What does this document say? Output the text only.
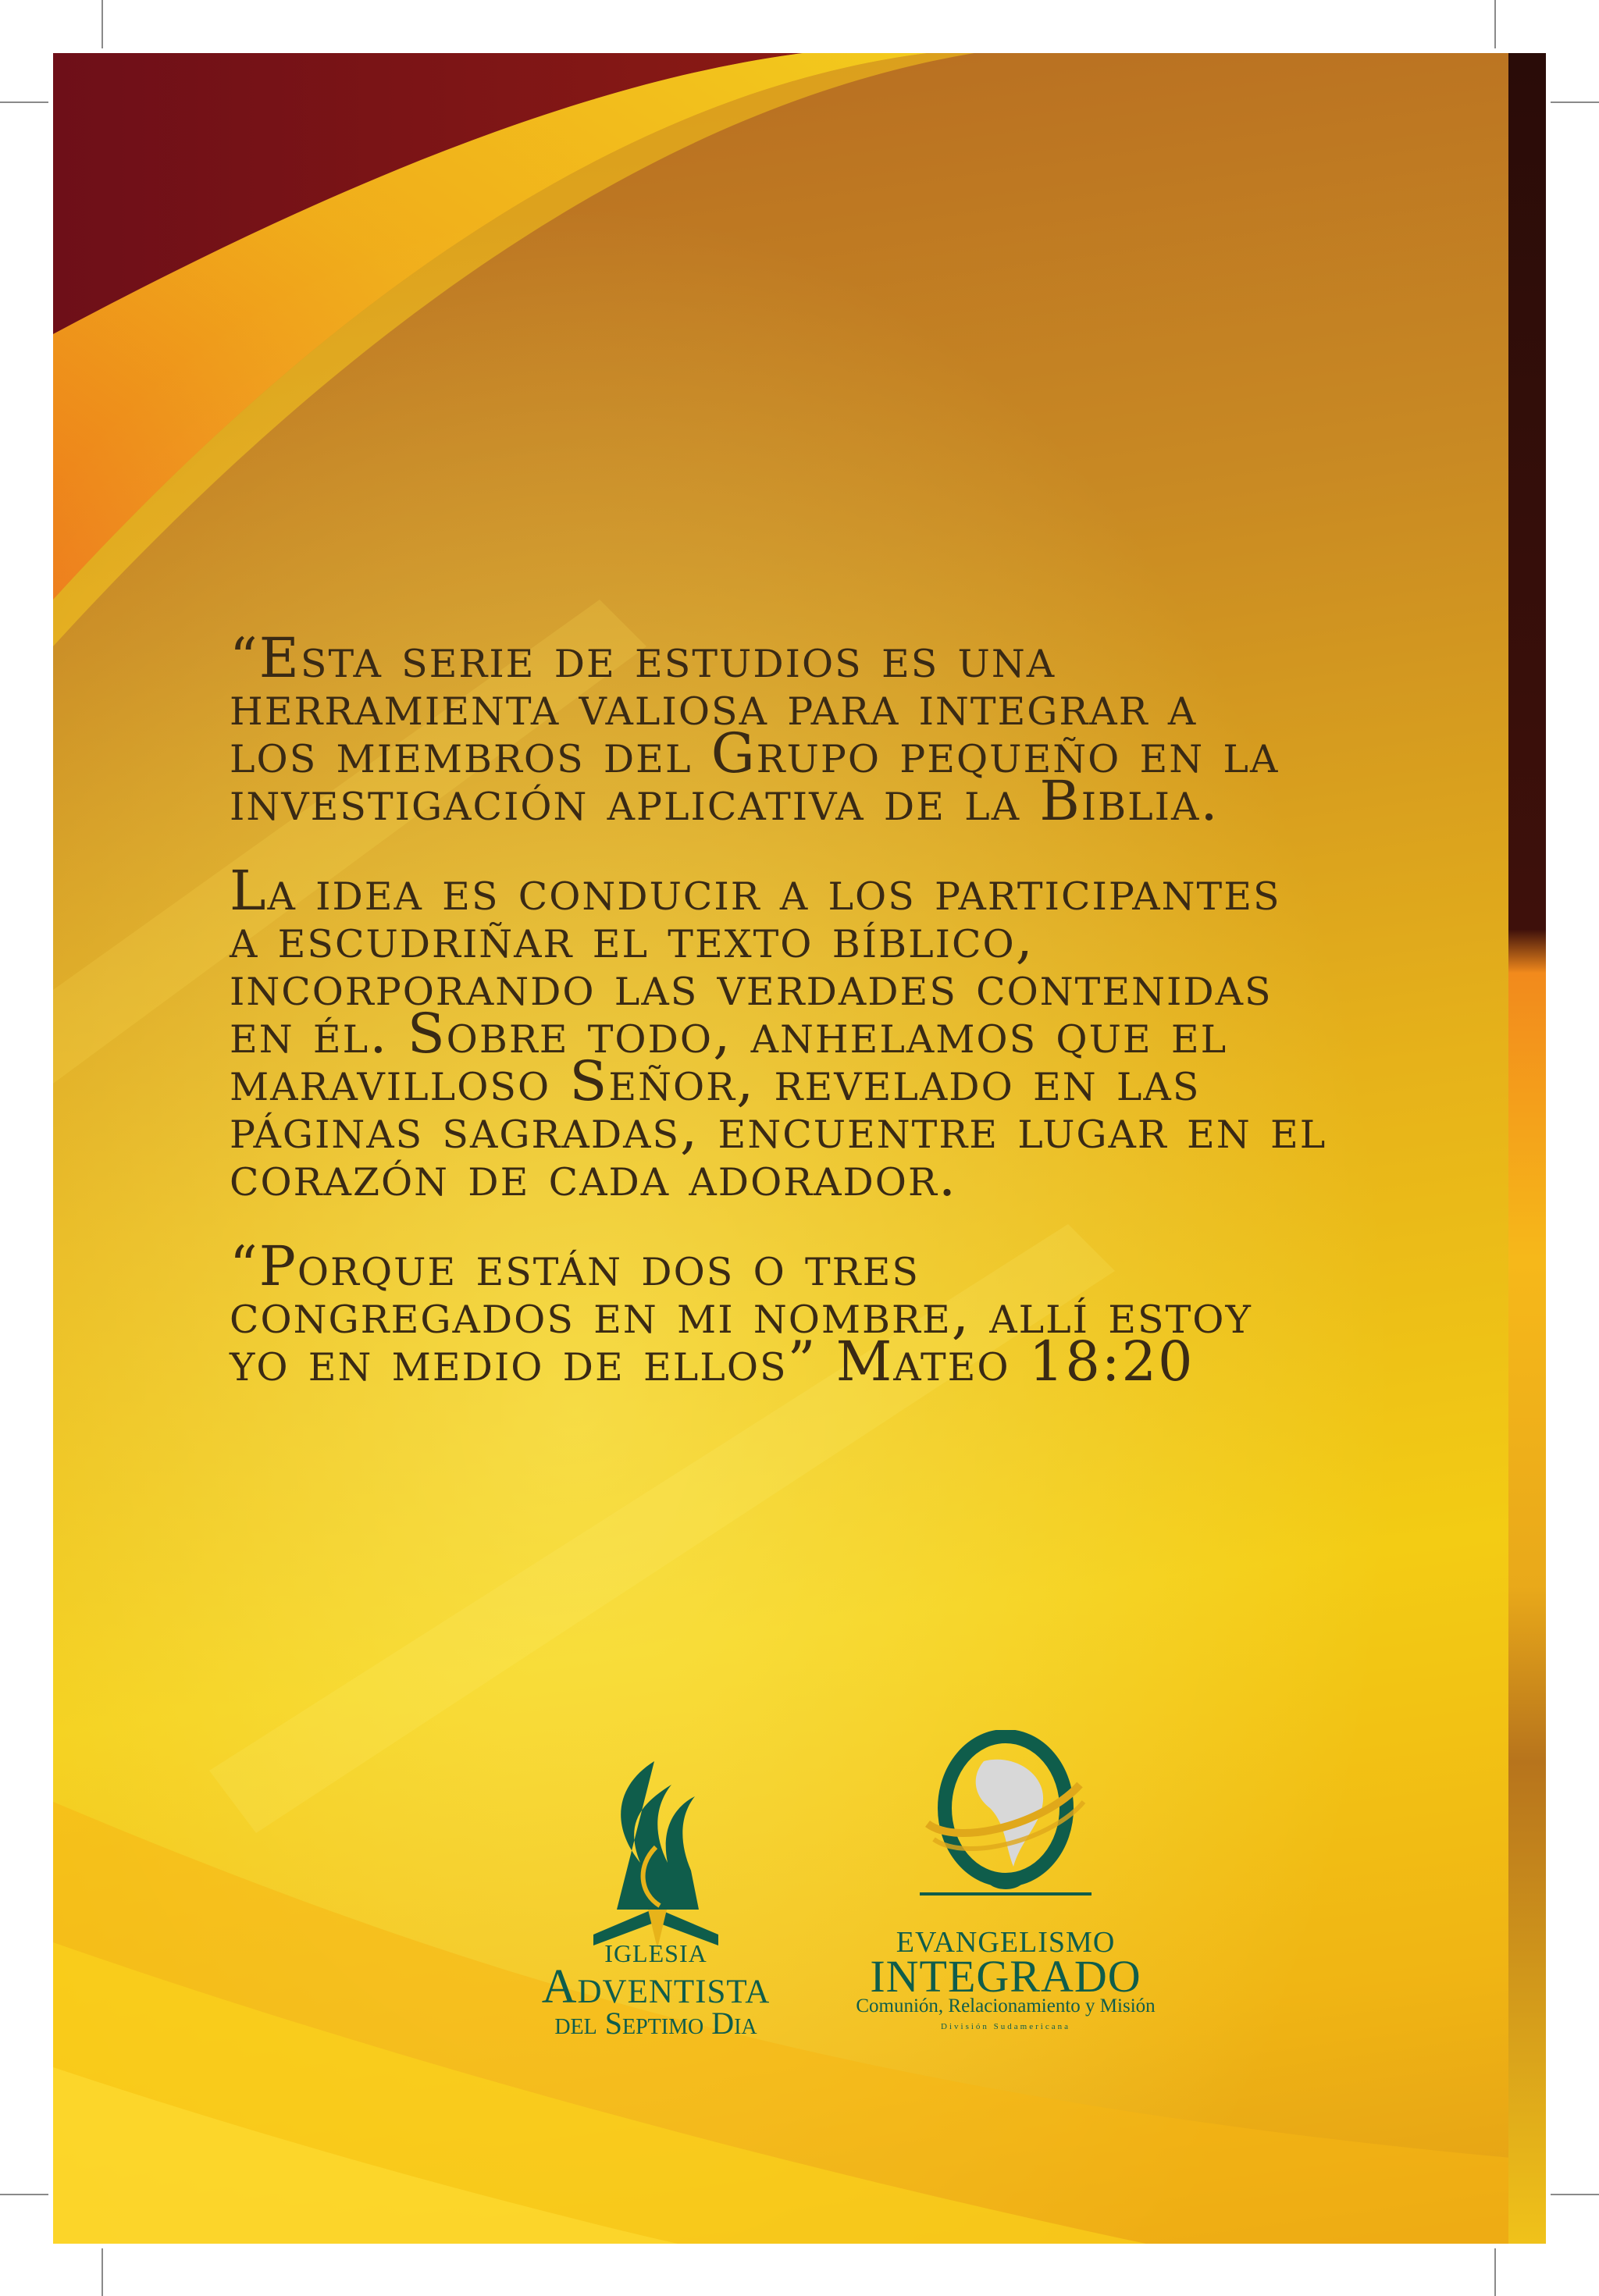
“Esta serie de estudios es una
herramienta valiosa para integrar a
los miembros del Grupo pequeño en la
investigación aplicativa de la Biblia.

La idea es conducir a los participantes
a escudriñar el texto bíblico,
incorporando las verdades contenidas
en él. Sobre todo, anhelamos que el
maravilloso Señor, revelado en las
páginas sagradas, encuentre lugar en el
corazón de cada adorador.

“Porque están dos o tres
congregados en mi nombre, allí estoy
yo en medio de ellos” Mateo 18:20

IGLESIA
Adventista
del Septimo Dia
EVANGELISMO
INTEGRADO
Comunión, Relacionamiento y Misión
División Sudamericana
